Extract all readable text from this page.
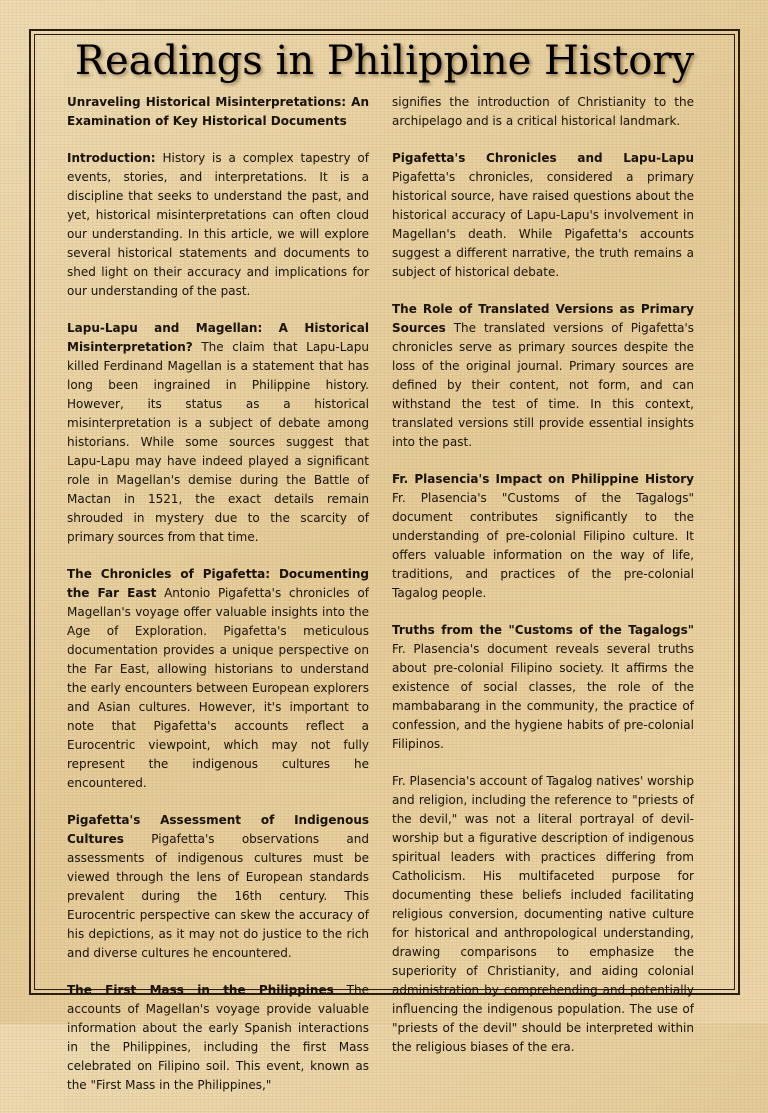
Readings in Philippine History

Unraveling Historical Misinterpretations: An Examination of Key Historical Documents

Introduction: History is a complex tapestry of events, stories, and interpretations. It is a discipline that seeks to understand the past, and yet, historical misinterpretations can often cloud our understanding. In this article, we will explore several historical statements and documents to shed light on their accuracy and implications for our understanding of the past.

Lapu-Lapu and Magellan: A Historical Misinterpretation? The claim that Lapu-Lapu killed Ferdinand Magellan is a statement that has long been ingrained in Philippine history. However, its status as a historical misinterpretation is a subject of debate among historians. While some sources suggest that Lapu-Lapu may have indeed played a significant role in Magellan's demise during the Battle of Mactan in 1521, the exact details remain shrouded in mystery due to the scarcity of primary sources from that time.

The Chronicles of Pigafetta: Documenting the Far East Antonio Pigafetta's chronicles of Magellan's voyage offer valuable insights into the Age of Exploration. Pigafetta's meticulous documentation provides a unique perspective on the Far East, allowing historians to understand the early encounters between European explorers and Asian cultures. However, it's important to note that Pigafetta's accounts reflect a Eurocentric viewpoint, which may not fully represent the indigenous cultures he encountered.

Pigafetta's Assessment of Indigenous Cultures Pigafetta's observations and assessments of indigenous cultures must be viewed through the lens of European standards prevalent during the 16th century. This Eurocentric perspective can skew the accuracy of his depictions, as it may not do justice to the rich and diverse cultures he encountered.

The First Mass in the Philippines The accounts of Magellan's voyage provide valuable information about the early Spanish interactions in the Philippines, including the first Mass celebrated on Filipino soil. This event, known as the "First Mass in the Philippines,"

signifies the introduction of Christianity to the archipelago and is a critical historical landmark.

Pigafetta's Chronicles and Lapu-Lapu Pigafetta's chronicles, considered a primary historical source, have raised questions about the historical accuracy of Lapu-Lapu's involvement in Magellan's death. While Pigafetta's accounts suggest a different narrative, the truth remains a subject of historical debate.

The Role of Translated Versions as Primary Sources The translated versions of Pigafetta's chronicles serve as primary sources despite the loss of the original journal. Primary sources are defined by their content, not form, and can withstand the test of time. In this context, translated versions still provide essential insights into the past.

Fr. Plasencia's Impact on Philippine History Fr. Plasencia's "Customs of the Tagalogs" document contributes significantly to the understanding of pre-colonial Filipino culture. It offers valuable information on the way of life, traditions, and practices of the pre-colonial Tagalog people.

Truths from the "Customs of the Tagalogs" Fr. Plasencia's document reveals several truths about pre-colonial Filipino society. It affirms the existence of social classes, the role of the mambabarang in the community, the practice of confession, and the hygiene habits of pre-colonial Filipinos.

Fr. Plasencia's account of Tagalog natives' worship and religion, including the reference to "priests of the devil," was not a literal portrayal of devil-worship but a figurative description of indigenous spiritual leaders with practices differing from Catholicism. His multifaceted purpose for documenting these beliefs included facilitating religious conversion, documenting native culture for historical and anthropological understanding, drawing comparisons to emphasize the superiority of Christianity, and aiding colonial administration by comprehending and potentially influencing the indigenous population. The use of "priests of the devil" should be interpreted within the religious biases of the era.
